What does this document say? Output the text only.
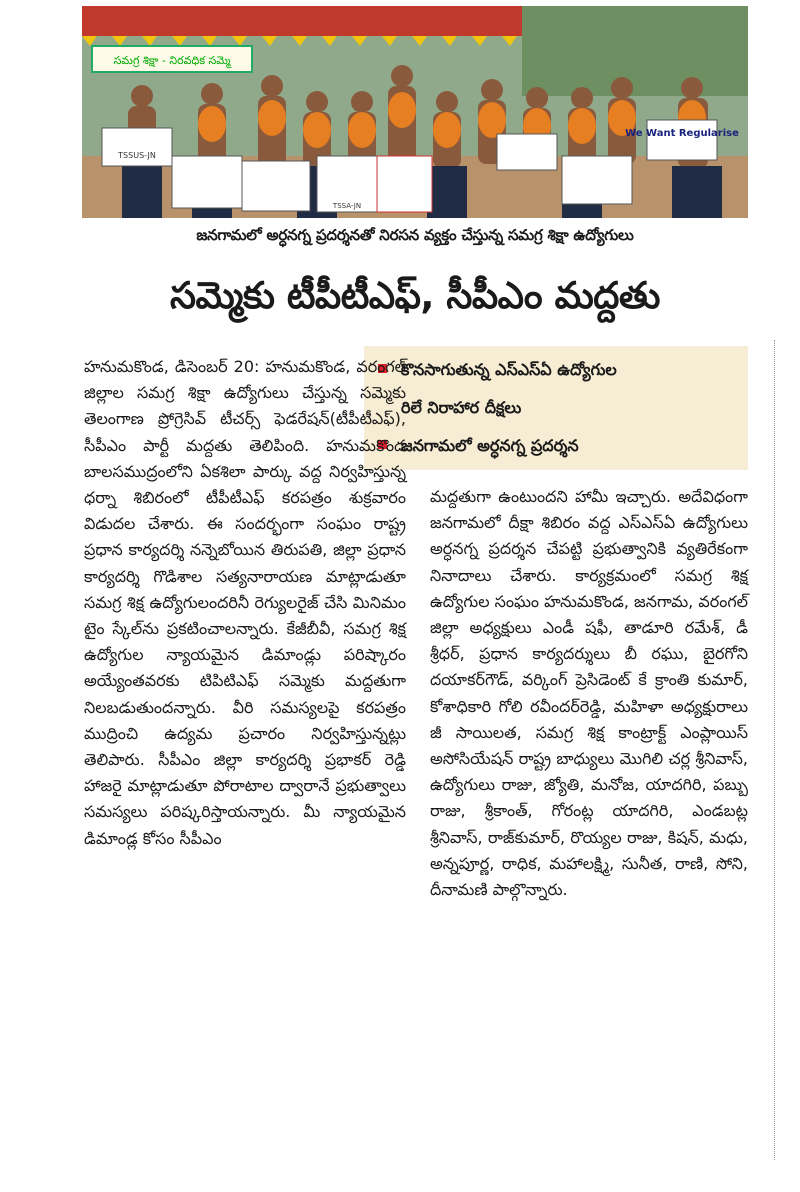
సమగ్ర శిక్షా - నిరవధిక సమ్మె
TSSUS-JN
TSSA-JN
We Want Regularise
జనగామలో అర్ధనగ్న ప్రదర్శనతో నిరసన వ్యక్తం చేస్తున్న సమగ్ర శిక్షా ఉద్యోగులు
సమ్మెకు టీపీటీఎఫ్, సీపీఎం మద్దతు
కొనసాగుతున్న ఎస్ఎస్ఏ ఉద్యోగుల
రిలే నిరాహార దీక్షలు
జనగామలో అర్ధనగ్న ప్రదర్శన

హనుమకొండ, డిసెంబర్ 20: హనుమకొండ, వరంగల్ జిల్లాల సమగ్ర శిక్షా ఉద్యోగులు చేస్తున్న సమ్మెకు తెలంగాణ ప్రోగ్రెసివ్ టీచర్స్ ఫెడరేషన్(టీపీటీఎఫ్), సీపీఎం పార్టీ మద్దతు తెలిపింది. హనుమకొండ బాలసముద్రంలోని ఏకశిలా పార్కు వద్ద నిర్వహిస్తున్న ధర్నా శిబిరంలో టీపీటీఎఫ్ కరపత్రం శుక్రవారం విడుదల చేశారు. ఈ సందర్భంగా సంఘం రాష్ట్ర ప్రధాన కార్యదర్శి నన్నెబోయిన తిరుపతి, జిల్లా ప్రధాన కార్యదర్శి గొడిశాల సత్యనారాయణ మాట్లాడుతూ సమగ్ర శిక్ష ఉద్యోగులందరినీ రెగ్యులరైజ్ చేసి మినిమం టైం స్కేల్‌ను ప్రకటించాలన్నారు. కేజీబీవీ, సమగ్ర శిక్ష ఉద్యోగుల న్యాయమైన డిమాండ్లు పరిష్కారం అయ్యేంతవరకు టిపిటిఎఫ్ సమ్మెకు మద్దతుగా నిలబడుతుందన్నారు. వీరి సమస్యలపై కరపత్రం ముద్రించి ఉద్యమ ప్రచారం నిర్వహిస్తున్నట్లు తెలిపారు. సీపీఎం జిల్లా కార్యదర్శి ప్రభాకర్ రెడ్డి హాజరై మాట్లాడుతూ పోరాటాల ద్వారానే ప్రభుత్వాలు సమస్యలు పరిష్కరిస్తాయన్నారు. మీ న్యాయమైన డిమాండ్ల కోసం సీపీఎం

మద్దతుగా ఉంటుందని హామీ ఇచ్చారు. అదేవిధంగా జనగామలో దీక్షా శిబిరం వద్ద ఎస్ఎస్ఏ ఉద్యోగులు అర్ధనగ్న ప్రదర్శన చేపట్టి ప్రభుత్వానికి వ్యతిరేకంగా నినాదాలు చేశారు. కార్యక్రమంలో సమగ్ర శిక్ష ఉద్యోగుల సంఘం హనుమకొండ, జనగామ, వరంగల్ జిల్లా అధ్యక్షులు ఎండీ షఫీ, తాడూరి రమేశ్, డీ శ్రీధర్, ప్రధాన కార్యదర్శులు బీ రఘు, బైరగోని దయాకర్‌గౌడ్, వర్కింగ్ ప్రెసిడెంట్ కే క్రాంతి కుమార్, కోశాధికారి గోలి రవీందర్‌రెడ్డి, మహిళా అధ్యక్షురాలు జీ సాయిలత, సమగ్ర శిక్ష కాంట్రాక్ట్ ఎంప్లాయిస్ అసోసియేషన్ రాష్ట్ర బాధ్యులు మొగిలి చర్ల శ్రీనివాస్, ఉద్యోగులు రాజు, జ్యోతి, మనోజ, యాదగిరి, పబ్బు రాజు, శ్రీకాంత్, గోరంట్ల యాదగిరి, ఎండబట్ల శ్రీనివాస్, రాజ్‌కుమార్, రొయ్యల రాజు, కిషన్, మధు, అన్నపూర్ణ, రాధిక, మహాలక్ష్మి, సునీత, రాణి, సోని, దీనామణి పాల్గొన్నారు.
